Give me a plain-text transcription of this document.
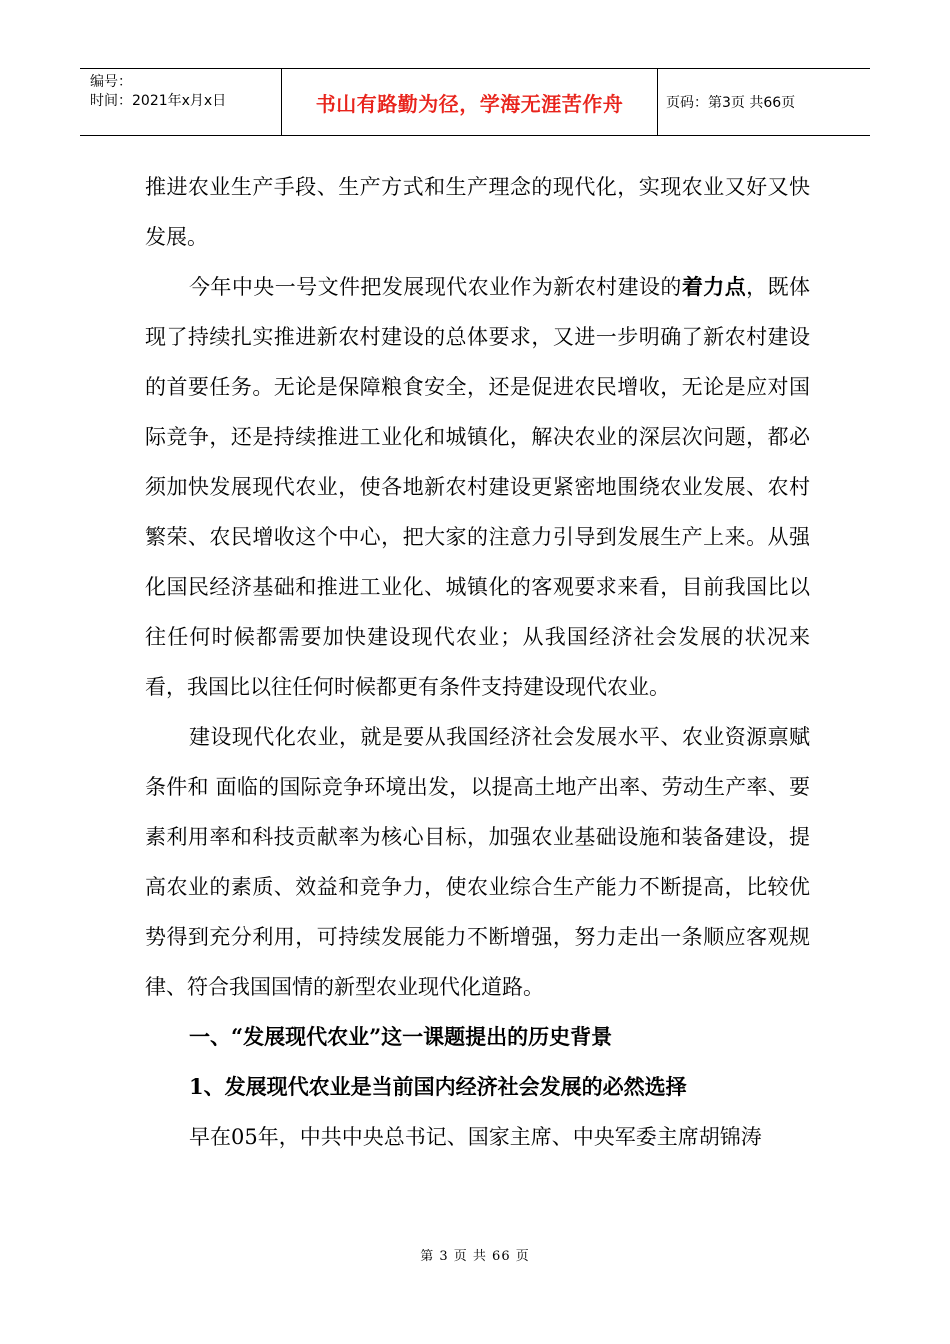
编号：
时间：2021年x月x日	书山有路勤为径，学海无涯苦作舟	页码：第3页 共66页

推进农业生产手段、生产方式和生产理念的现代化，实现农业又好又快发展。

今年中央一号文件把发展现代农业作为新农村建设的着力点，既体现了持续扎实推进新农村建设的总体要求，又进一步明确了新农村建设的首要任务。无论是保障粮食安全，还是促进农民增收，无论是应对国际竞争，还是持续推进工业化和城镇化，解决农业的深层次问题，都必须加快发展现代农业，使各地新农村建设更紧密地围绕农业发展、农村繁荣、农民增收这个中心，把大家的注意力引导到发展生产上来。从强化国民经济基础和推进工业化、城镇化的客观要求来看，目前我国比以往任何时候都需要加快建设现代农业；从我国经济社会发展的状况来看，我国比以往任何时候都更有条件支持建设现代农业。

建设现代化农业，就是要从我国经济社会发展水平、农业资源禀赋条件和 面临的国际竞争环境出发，以提高土地产出率、劳动生产率、要素利用率和科技贡献率为核心目标，加强农业基础设施和装备建设，提高农业的素质、效益和竞争力，使农业综合生产能力不断提高，比较优势得到充分利用，可持续发展能力不断增强，努力走出一条顺应客观规律、符合我国国情的新型农业现代化道路。

一、“发展现代农业”这一课题提出的历史背景

1、发展现代农业是当前国内经济社会发展的必然选择

早在05年，中共中央总书记、国家主席、中央军委主席胡锦涛

第 3 页 共 66 页
